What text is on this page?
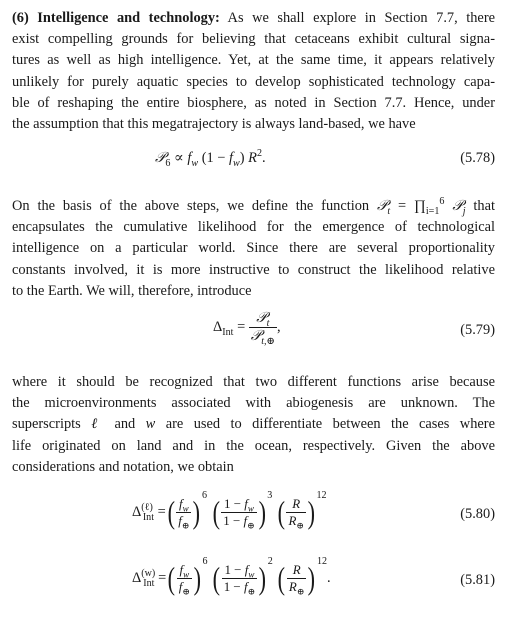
(6) Intelligence and technology: As we shall explore in Section 7.7, there
exist compelling grounds for believing that cetaceans exhibit cultural signa-
tures as well as high intelligence. Yet, at the same time, it appears relatively
unlikely for purely aquatic species to develop sophisticated technology capa-
ble of reshaping the entire biosphere, as noted in Section 7.7. Hence, under
the assumption that this megatrajectory is always land-based, we have
𝒫$_6$ ∝ $f_w$ $(1 - f_w)$ $R^2$.	(5.78)
On the basis of the above steps, we define the function 𝒫$_t$ = $\prod_{i=1}^6$ 𝒫$_j$ that
encapsulates the cumulative likelihood for the emergence of technological
intelligence on a particular world. Since there are several proportionality
constants involved, it is more instructive to construct the likelihood relative
to the Earth. We will, therefore, introduce
$\Delta_{Int} = \frac{𝒫_t}{𝒫_{t,\oplus}}$ ,	(5.79)
where it should be recognized that two different functions arise because
the microenvironments associated with abiogenesis are unknown. The
superscripts ℓ and w are used to differentiate between the cases where
life originated on land and in the ocean, respectively. Given the above
considerations and notation, we obtain
$\Delta^{(\ell)}_{Int}$ =( $\frac{f_w}{f_\oplus}$ ) $^6$ ( $\frac{1 - f_w}{1 - f_\oplus}$ ) $^3$ ( $\frac{R}{R_\oplus}$ ) $^{12}$
(5.80)
$\Delta^{(w)}_{Int}$ =( $\frac{f_w}{f_\oplus}$ ) $^6$ ( $\frac{1 - f_w}{1 - f_\oplus}$ ) $^2$ ( $\frac{R}{R_\oplus}$ ) $^{12}$.	(5.81)
